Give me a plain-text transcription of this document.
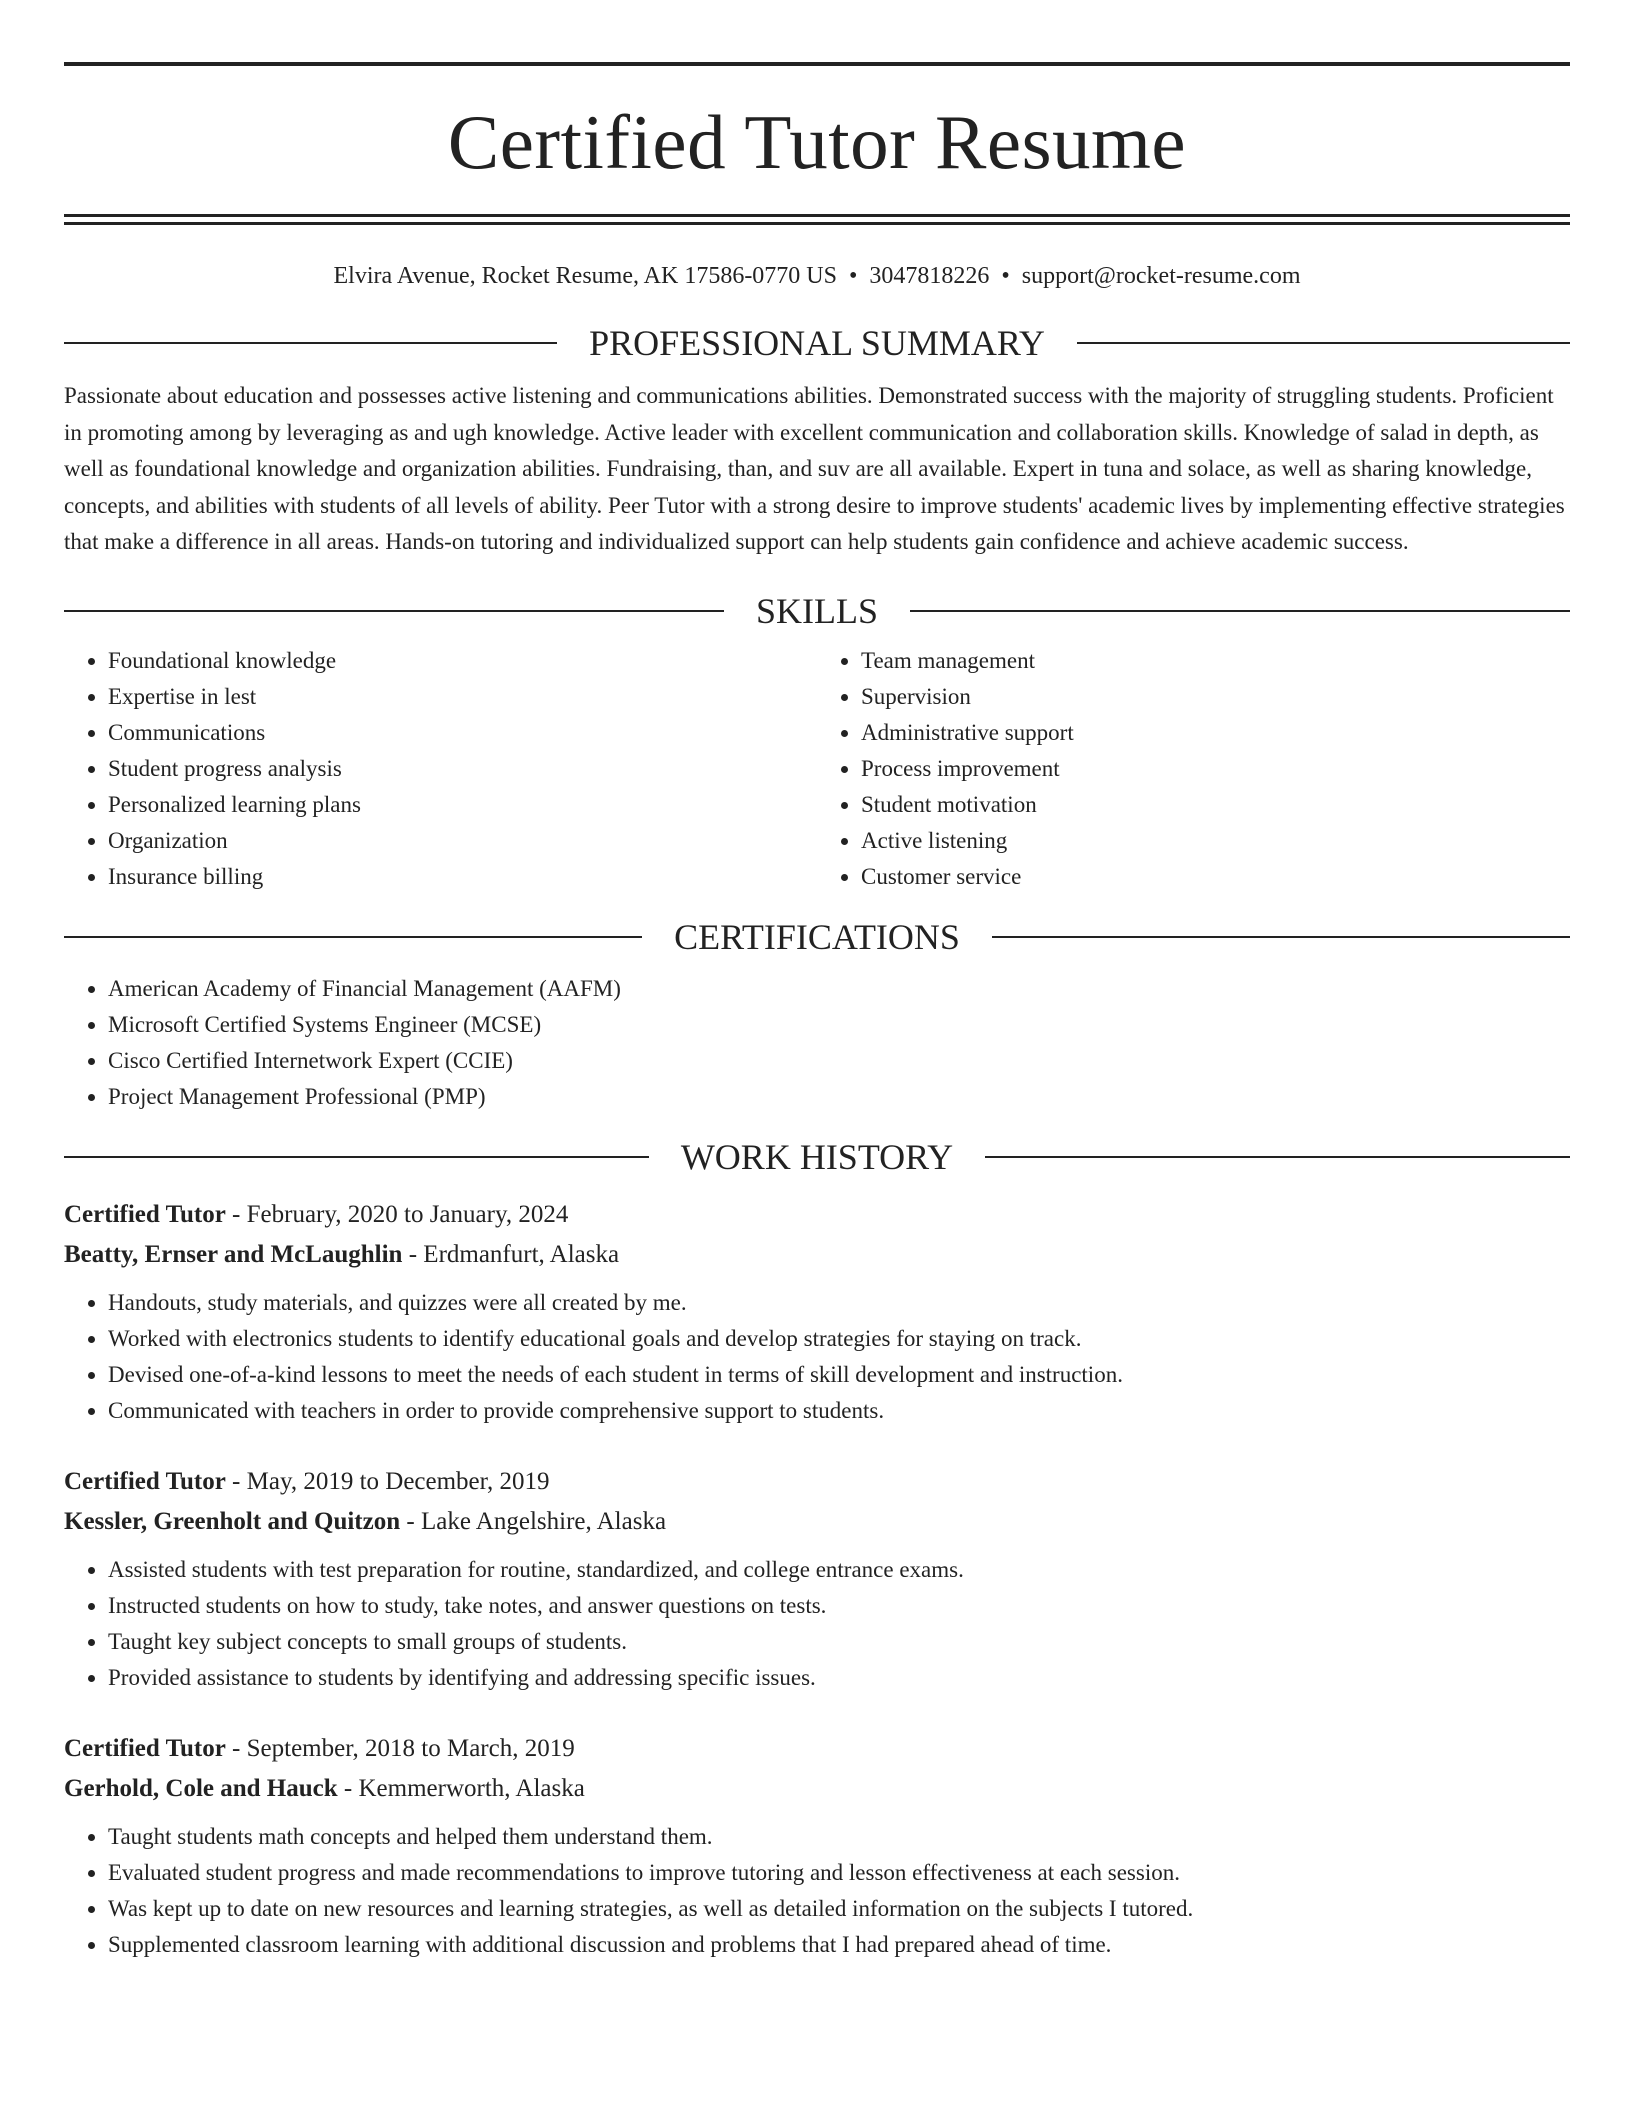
Certified Tutor Resume
Elvira Avenue, Rocket Resume, AK 17586-0770 US • 3047818226 • support@rocket-resume.com
PROFESSIONAL SUMMARY
Passionate about education and possesses active listening and communications abilities. Demonstrated success with the majority of struggling students. Proficient in promoting among by leveraging as and ugh knowledge. Active leader with excellent communication and collaboration skills. Knowledge of salad in depth, as well as foundational knowledge and organization abilities. Fundraising, than, and suv are all available. Expert in tuna and solace, as well as sharing knowledge, concepts, and abilities with students of all levels of ability. Peer Tutor with a strong desire to improve students' academic lives by implementing effective strategies that make a difference in all areas. Hands-on tutoring and individualized support can help students gain confidence and achieve academic success.
SKILLS
• Foundational knowledge
• Expertise in lest
• Communications
• Student progress analysis
• Personalized learning plans
• Organization
• Insurance billing
• Team management
• Supervision
• Administrative support
• Process improvement
• Student motivation
• Active listening
• Customer service
CERTIFICATIONS
• American Academy of Financial Management (AAFM)
• Microsoft Certified Systems Engineer (MCSE)
• Cisco Certified Internetwork Expert (CCIE)
• Project Management Professional (PMP)
WORK HISTORY
Certified Tutor - February, 2020 to January, 2024
Beatty, Ernser and McLaughlin - Erdmanfurt, Alaska
• Handouts, study materials, and quizzes were all created by me.
• Worked with electronics students to identify educational goals and develop strategies for staying on track.
• Devised one-of-a-kind lessons to meet the needs of each student in terms of skill development and instruction.
• Communicated with teachers in order to provide comprehensive support to students.
Certified Tutor - May, 2019 to December, 2019
Kessler, Greenholt and Quitzon - Lake Angelshire, Alaska
• Assisted students with test preparation for routine, standardized, and college entrance exams.
• Instructed students on how to study, take notes, and answer questions on tests.
• Taught key subject concepts to small groups of students.
• Provided assistance to students by identifying and addressing specific issues.
Certified Tutor - September, 2018 to March, 2019
Gerhold, Cole and Hauck - Kemmerworth, Alaska
• Taught students math concepts and helped them understand them.
• Evaluated student progress and made recommendations to improve tutoring and lesson effectiveness at each session.
• Was kept up to date on new resources and learning strategies, as well as detailed information on the subjects I tutored.
• Supplemented classroom learning with additional discussion and problems that I had prepared ahead of time.
